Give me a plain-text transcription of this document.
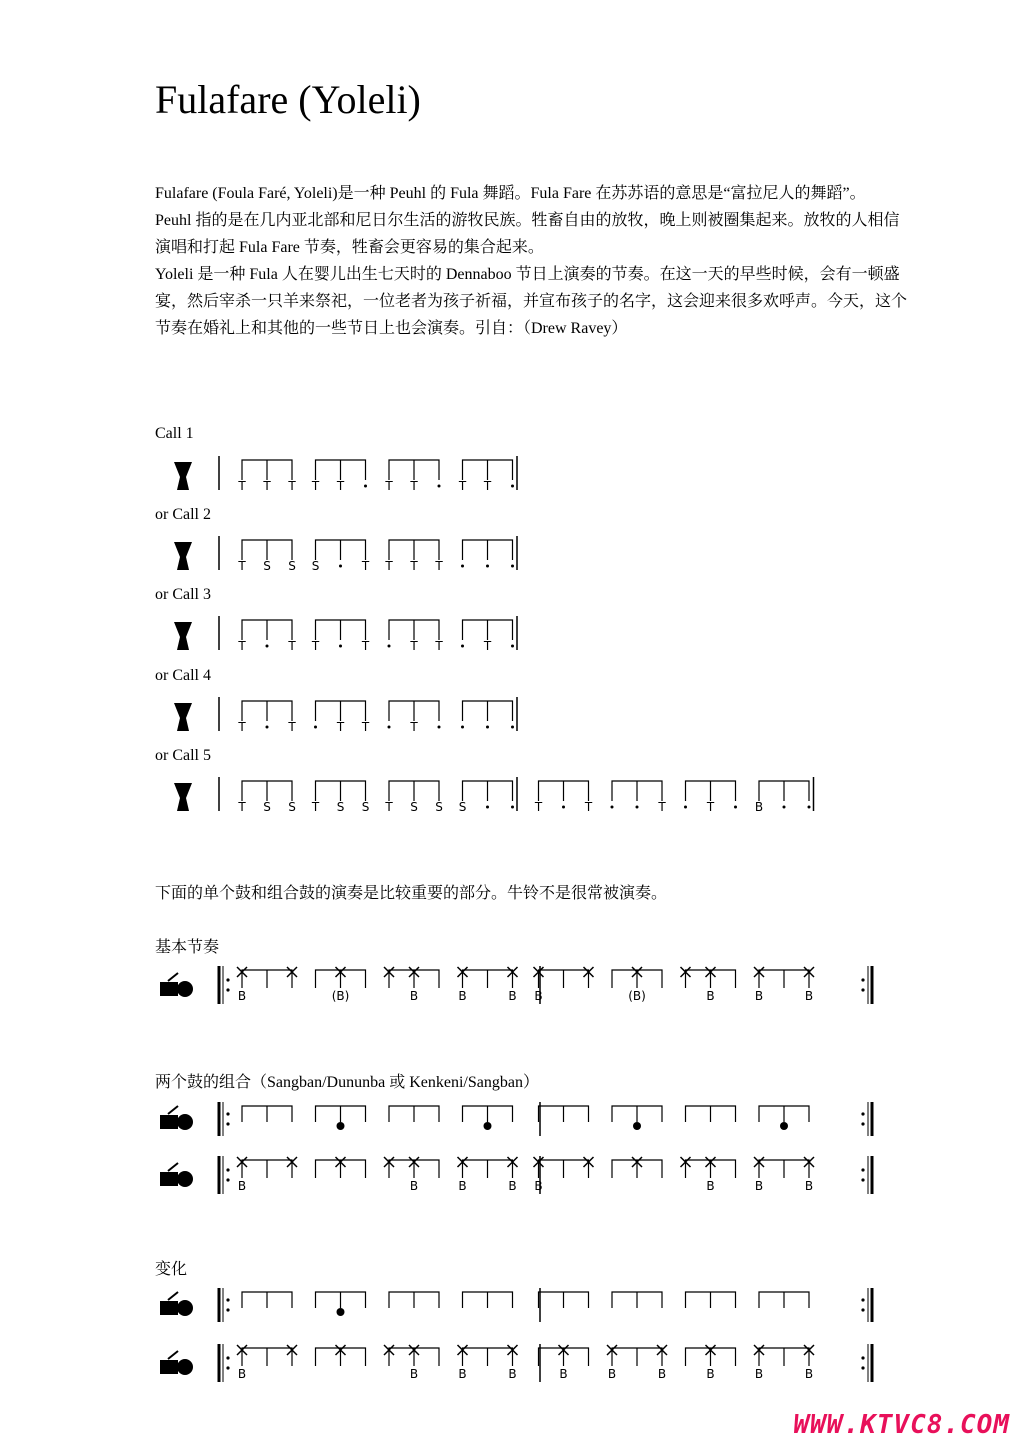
Fulafare (Yoleli)

Fulafare (Foula Faré, Yoleli)是一种 Peuhl 的 Fula 舞蹈。Fula Fare 在苏苏语的意思是“富拉尼人的舞蹈”。

Peuhl 指的是在几内亚北部和尼日尔生活的游牧民族。牲畜自由的放牧，晚上则被圈集起来。放牧的人相信演唱和打起 Fula Fare 节奏，牲畜会更容易的集合起来。

Yoleli 是一种 Fula 人在婴儿出生七天时的 Dennaboo 节日上演奏的节奏。在这一天的早些时候，会有一顿盛宴，然后宰杀一只羊来祭祀，一位老者为孩子祈福，并宣布孩子的名字，这会迎来很多欢呼声。今天，这个节奏在婚礼上和其他的一些节日上也会演奏。引自：（Drew Ravey）

Call 1
T T T T T	T T	T T
or Call 2
T S S S	T T T T
or Call 3
T	T T	T	T T	T
or Call 4
T	T	T T	T
or Call 5
T S S T S S T S S S	T	T	T	T	B
下面的单个鼓和组合鼓的演奏是比较重要的部分。牛铃不是很常被演奏。
基本节奏
B	(B)	B	B	B B	(B)	B	B	B
两个鼓的组合（Sangban/Dununba 或 Kenkeni/Sangban）
B	B	B	B B	B	B	B
变化
B	B	B	B	B	B	B	B	B	B
WWW.KTVC8.COM
